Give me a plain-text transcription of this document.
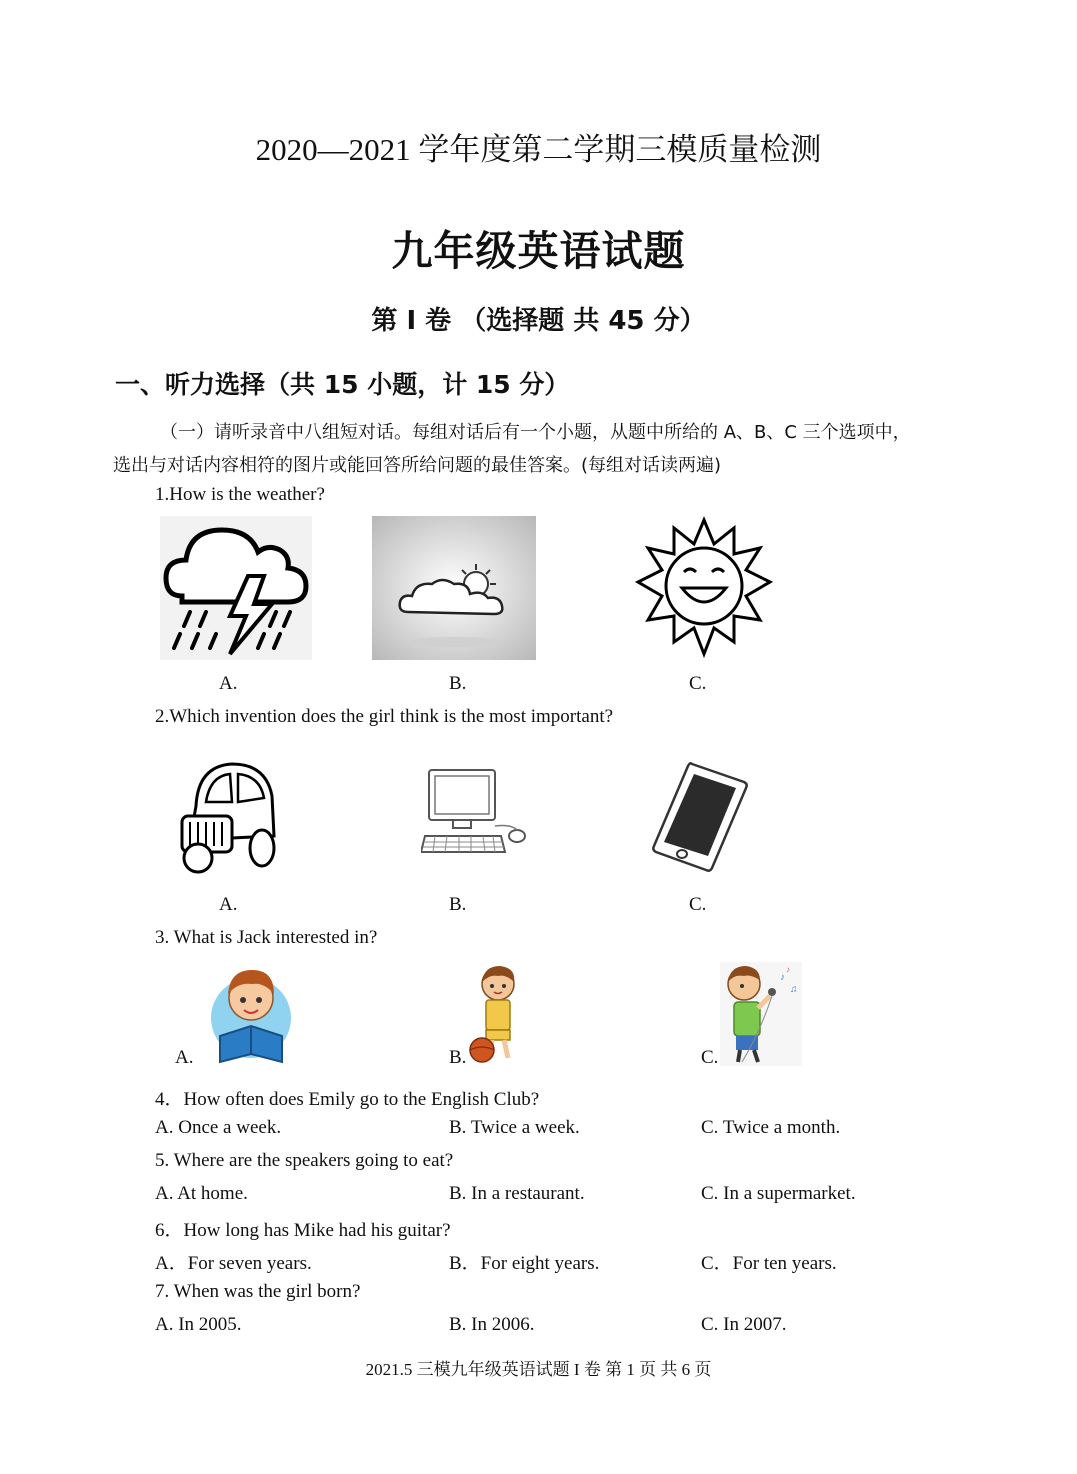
2020—2021 学年度第二学期三模质量检测
九年级英语试题
第 I 卷 （选择题 共 45 分）
一、听力选择（共 15 小题，计 15 分）
（一）请听录音中八组短对话。每组对话后有一个小题，从题中所给的 A、B、C 三个选项中，
选出与对话内容相符的图片或能回答所给问题的最佳答案。(每组对话读两遍)
1.How is the weather?
A.	B.	C.
2.Which invention does the girl think is the most important?
A.	B.	C.
3. What is Jack interested in?
♪
♫
♪
A.	B.	C.
4．How often does Emily go to the English Club?
A. Once a week.	B. Twice a week.	C. Twice a month.
5. Where are the speakers going to eat?
A. At home.	B. In a restaurant.	C. In a supermarket.
6．How long has Mike had his guitar?
A．For seven years.	B．For eight years.	C．For ten years.
7. When was the girl born?
A. In 2005.	B. In 2006.	C. In 2007.
2021.5 三模九年级英语试题 I 卷 第 1 页 共 6 页
